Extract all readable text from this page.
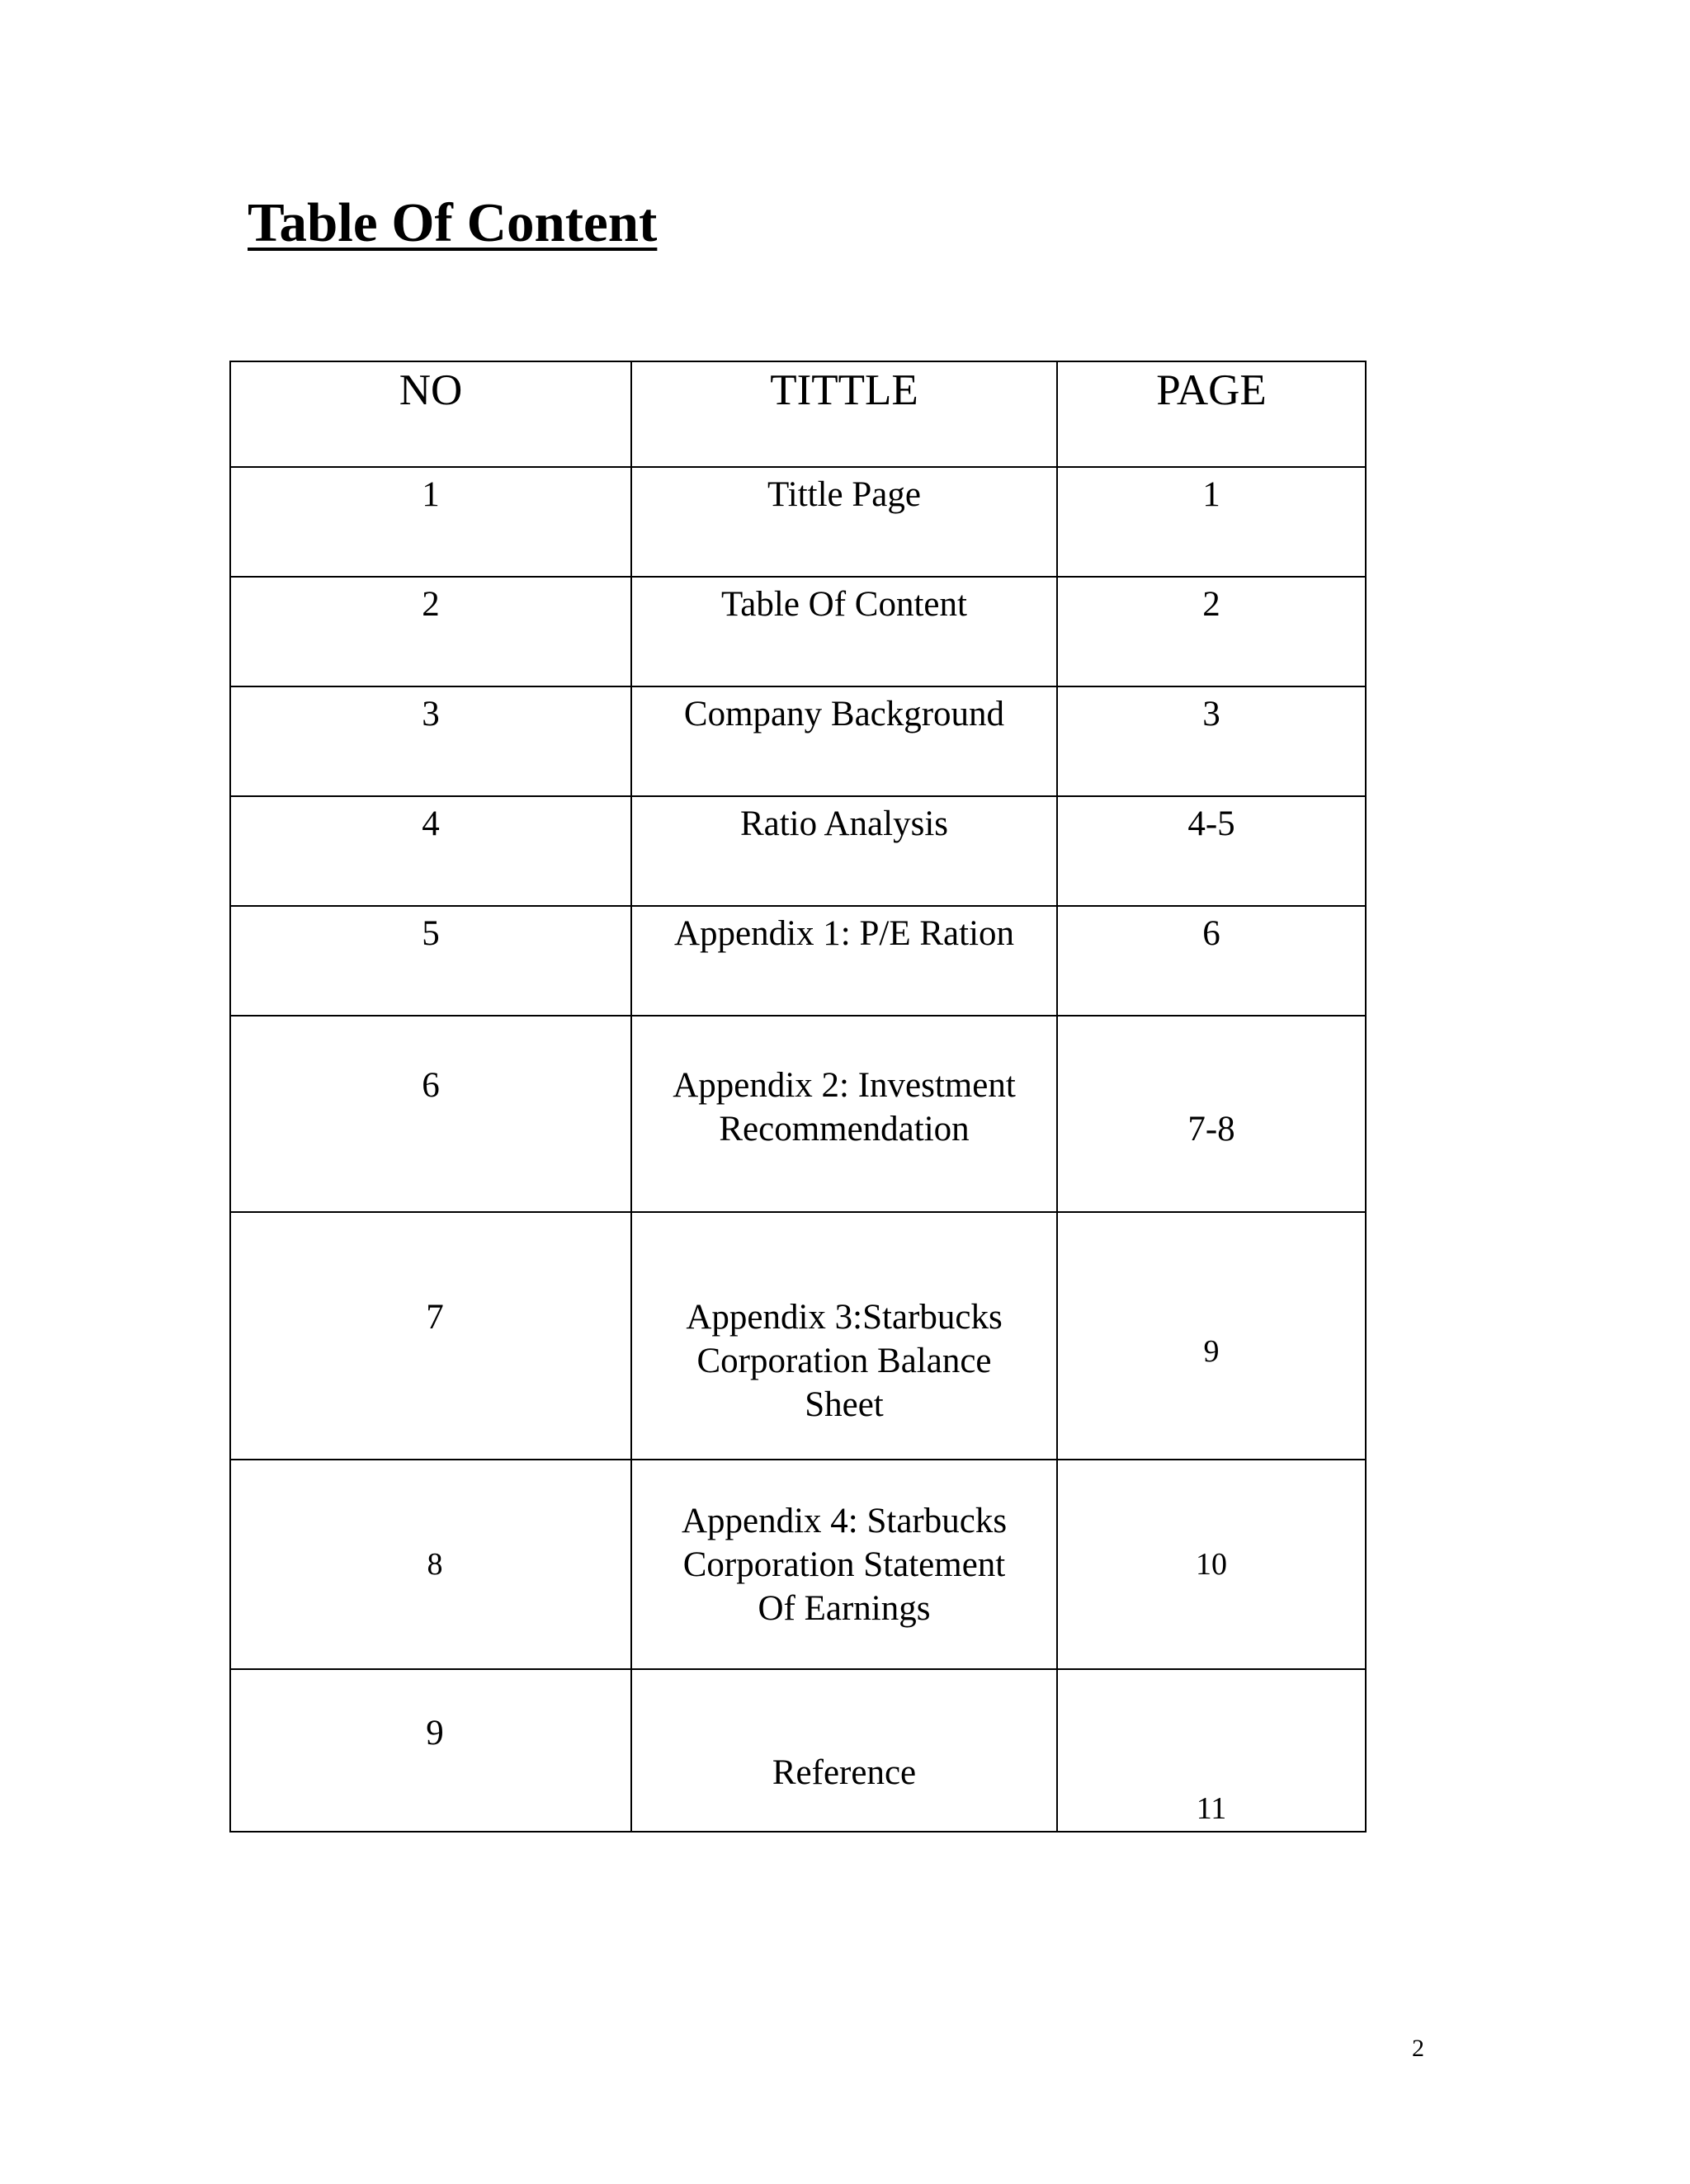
Table Of Content
NO	TITTLE	PAGE
1	Tittle Page	1
2	Table Of Content	2
3	Company Background	3
4	Ratio Analysis	4-5
5	Appendix 1: P/E Ration	6
6	Appendix 2: Investment Recommendation	7-8
7	Appendix 3:Starbucks Corporation Balance Sheet	9
8	Appendix 4: Starbucks Corporation Statement Of Earnings	10
9	Reference	11

2
